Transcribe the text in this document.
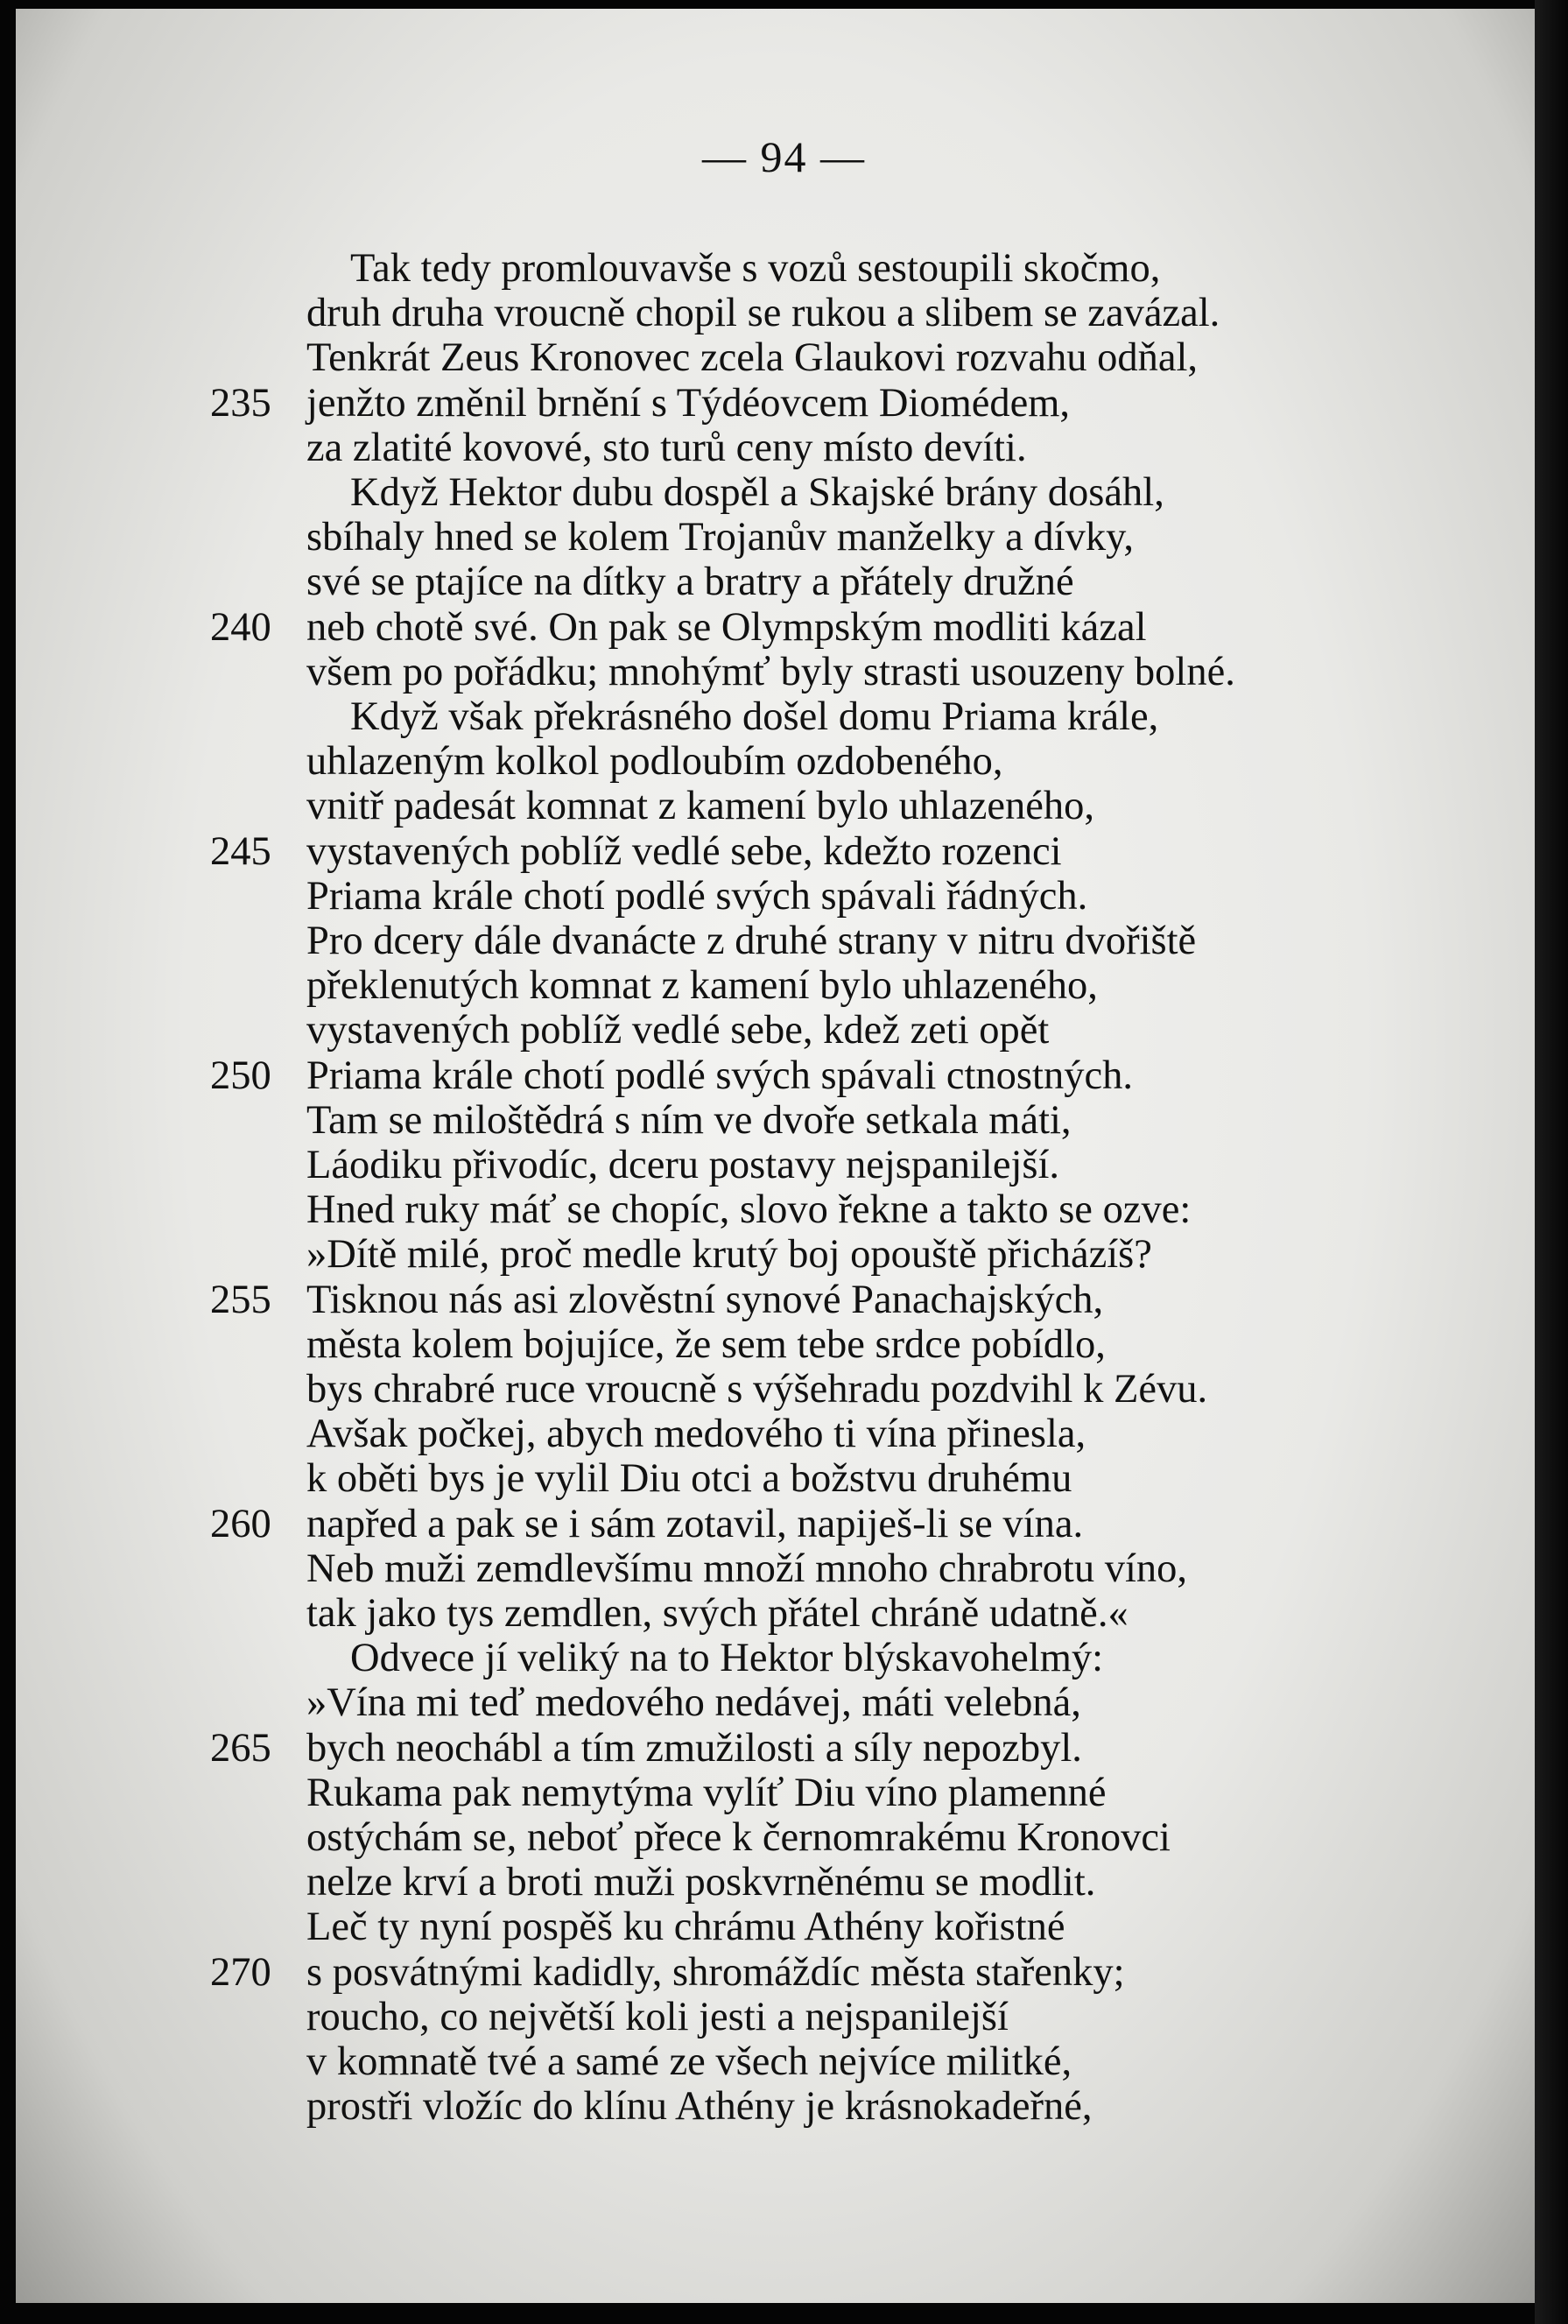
— 94 —
Tak tedy promlouvavše s vozů sestoupili skočmo,
druh druha vroucně chopil se rukou a slibem se zavázal.
Tenkrát Zeus Kronovec zcela Glaukovi rozvahu odňal,
235 jenžto změnil brnění s Týdéovcem Diomédem,
za zlatité kovové, sto turů ceny místo devíti.
Když Hektor dubu dospěl a Skajské brány dosáhl,
sbíhaly hned se kolem Trojanův manželky a dívky,
své se ptajíce na dítky a bratry a přátely družné
240 neb chotě své. On pak se Olympským modliti kázal
všem po pořádku; mnohýmť byly strasti usouzeny bolné.
Když však překrásného došel domu Priama krále,
uhlazeným kolkol podloubím ozdobeného,
vnitř padesát komnat z kamení bylo uhlazeného,
245 vystavených poblíž vedlé sebe, kdežto rozenci
Priama krále chotí podlé svých spávali řádných.
Pro dcery dále dvanácte z druhé strany v nitru dvořiště
překlenutých komnat z kamení bylo uhlazeného,
vystavených poblíž vedlé sebe, kdež zeti opět
250 Priama krále chotí podlé svých spávali ctnostných.
Tam se miloštědrá s ním ve dvoře setkala máti,
Láodiku přivodíc, dceru postavy nejspanilejší.
Hned ruky máť se chopíc, slovo řekne a takto se ozve:
»Dítě milé, proč medle krutý boj opouště přicházíš?
255 Tisknou nás asi zlověstní synové Panachajských,
města kolem bojujíce, že sem tebe srdce pobídlo,
bys chrabré ruce vroucně s výšehradu pozdvihl k Zévu.
Avšak počkej, abych medového ti vína přinesla,
k oběti bys je vylil Diu otci a božstvu druhému
260 napřed a pak se i sám zotavil, napiješ-li se vína.
Neb muži zemdlevšímu množí mnoho chrabrotu víno,
tak jako tys zemdlen, svých přátel chráně udatně.«
Odvece jí veliký na to Hektor blýskavohelmý:
»Vína mi teď medového nedávej, máti velebná,
265 bych neochábl a tím zmužilosti a síly nepozbyl.
Rukama pak nemytýma vylíť Diu víno plamenné
ostýchám se, neboť přece k černomrakému Kronovci
nelze krví a broti muži poskvrněnému se modlit.
Leč ty nyní pospěš ku chrámu Athény kořistné
270 s posvátnými kadidly, shromáždíc města stařenky;
roucho, co největší koli jesti a nejspanilejší
v komnatě tvé a samé ze všech nejvíce militké,
prostři vložíc do klínu Athény je krásnokadeřné,
